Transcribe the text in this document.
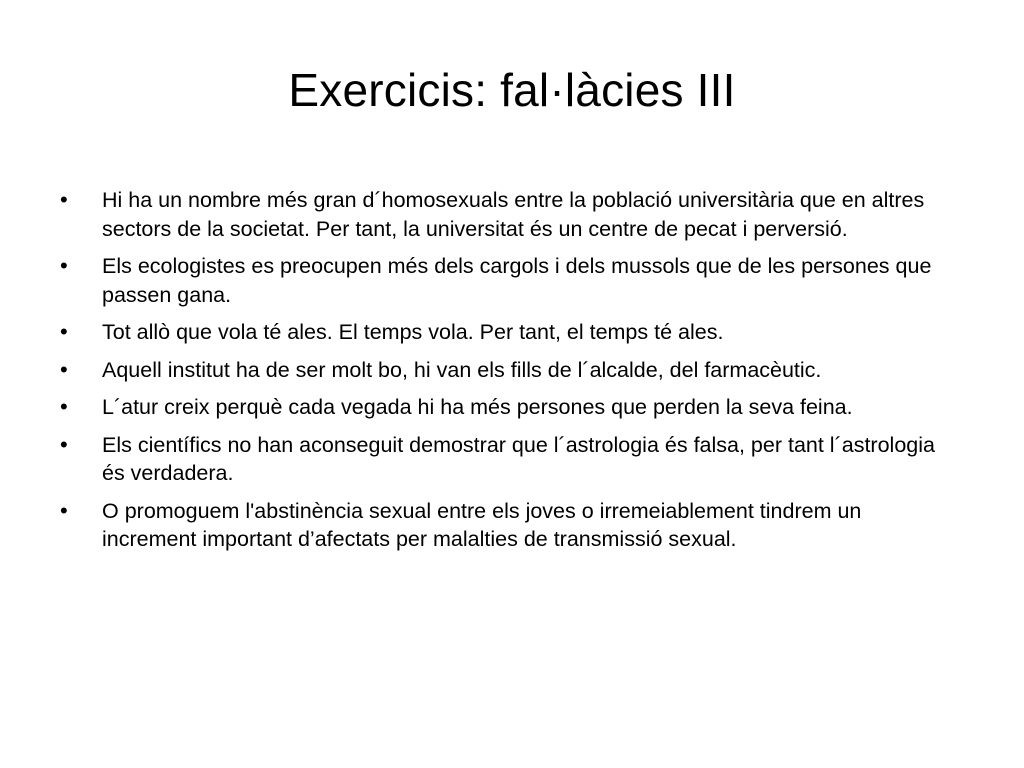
Exercicis: fal·làcies III
•	Hi ha un nombre més gran d´homosexuals entre la població universitària que en altres sectors de la societat. Per tant, la universitat és un centre de pecat i perversió.
•	Els ecologistes es preocupen més dels cargols i dels mussols que de les persones que passen gana.
•	Tot allò que vola té ales. El temps vola. Per tant, el temps té ales.
•	Aquell institut ha de ser molt bo, hi van els fills de l´alcalde, del farmacèutic.
•	L´atur creix perquè cada vegada hi ha més persones que perden la seva feina.
•	Els científics no han aconseguit demostrar que l´astrologia és falsa, per tant l´astrologia és verdadera.
•	O promoguem l'abstinència sexual entre els joves o irremeiablement tindrem un increment important d’afectats per malalties de transmissió sexual.
